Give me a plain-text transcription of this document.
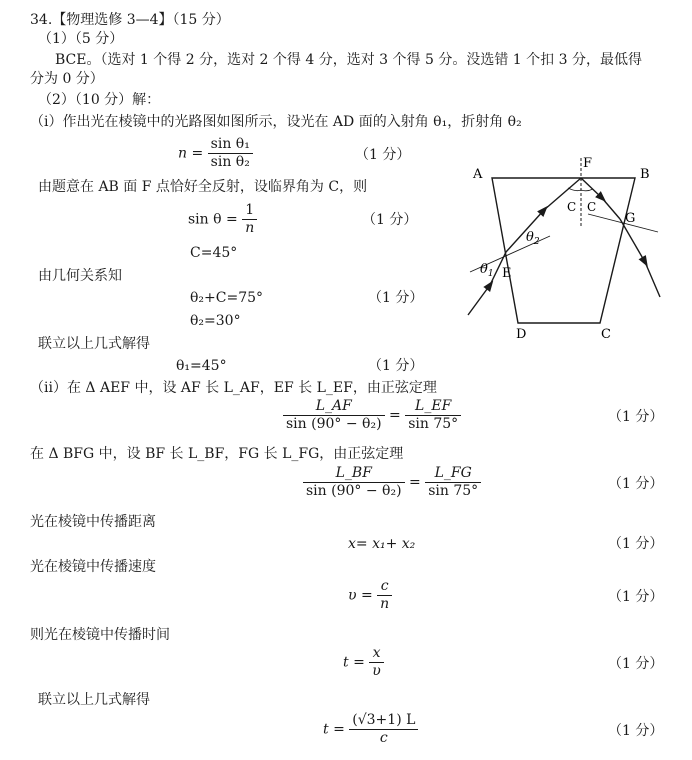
34.【物理选修 3—4】（15 分）
（1）（5 分）
BCE。（选对 1 个得 2 分，选对 2 个得 4 分，选对 3 个得 5 分。没选错 1 个扣 3 分，最低得
分为 0 分）
（2）（10 分）解：
（i）作出光在棱镜中的光路图如图所示，设光在 AD 面的入射角 θ₁，折射角 θ₂
$n = \frac{\text{sin θ₁}}{\text{sin θ₂}}$	（1 分）
由题意在 AB 面 F 点恰好全反射，设临界角为 C，则
$\sin \theta = \frac{1}{n}$	（1 分）
C=45°
由几何关系知
θ₂+C=75°	（1 分）
θ₂=30°
联立以上几式解得
θ₁=45°	（1 分）
（ii）在 Δ AEF 中，设 AF 长 L_AF，EF 长 L_EF，由正弦定理
$\frac{L\_AF}{\text{sin (90° − θ₂)}} = \frac{L\_EF}{\sin 75^\circ}$	（1 分）
在 Δ BFG 中，设 BF 长 L_BF，FG 长 L_FG，由正弦定理
$\frac{L\_BF}{\text{sin (90° − θ₂)}} = \frac{L\_FG}{\sin 75^\circ}$	（1 分）
光在棱镜中传播距离
x= x₁+ x₂	（1 分）
光在棱镜中传播速度
$\upsilon = \frac{c}{n}$	（1 分）
则光在棱镜中传播时间
$t = \frac{x}{\upsilon}$	（1 分）
联立以上几式解得
$t = \frac{(√3+1) L}{c}$	（1 分）
A	B
C
D
E
F
G
C C
$\theta_2$
$\theta_1$
